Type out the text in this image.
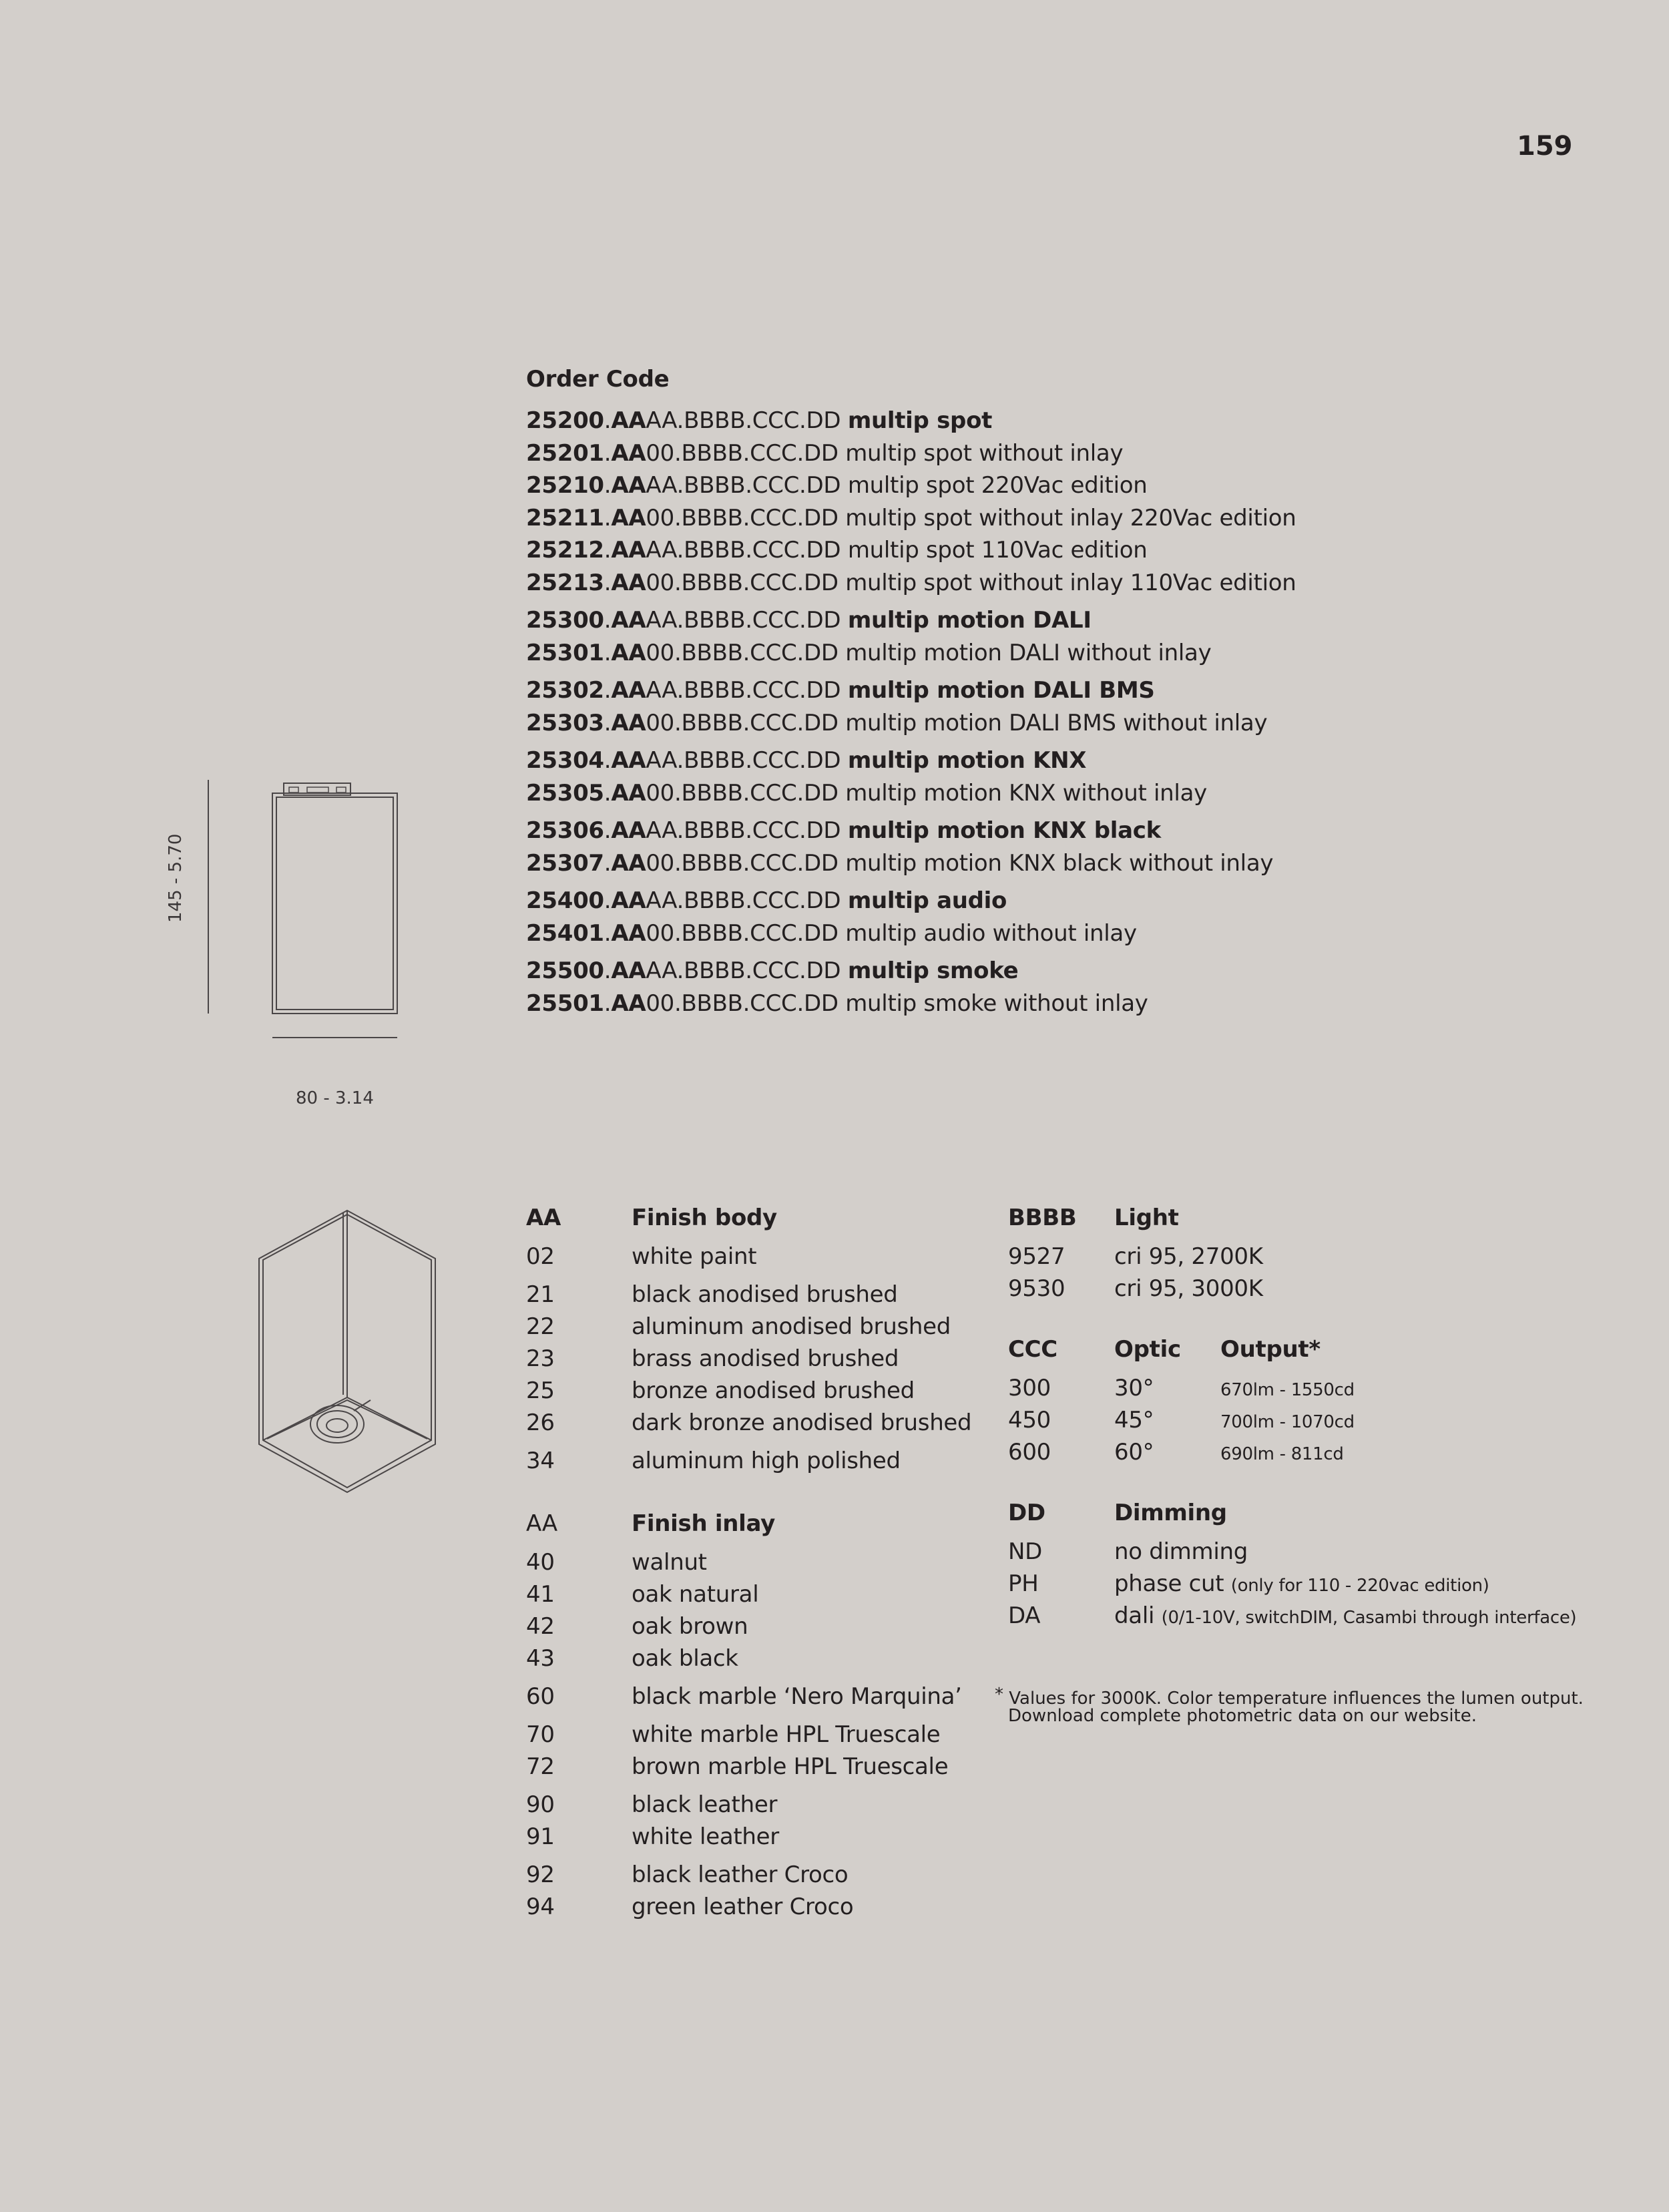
159
Order Code
25200.AAAA.BBBB.CCC.DD multip spot
25201.AA00.BBBB.CCC.DD multip spot without inlay
25210.AAAA.BBBB.CCC.DD multip spot 220Vac edition
25211.AA00.BBBB.CCC.DD multip spot without inlay 220Vac edition
25212.AAAA.BBBB.CCC.DD multip spot 110Vac edition
25213.AA00.BBBB.CCC.DD multip spot without inlay 110Vac edition
25300.AAAA.BBBB.CCC.DD multip motion DALI
25301.AA00.BBBB.CCC.DD multip motion DALI without inlay
25302.AAAA.BBBB.CCC.DD multip motion DALI BMS
25303.AA00.BBBB.CCC.DD multip motion DALI BMS without inlay
25304.AAAA.BBBB.CCC.DD multip motion KNX
25305.AA00.BBBB.CCC.DD multip motion KNX without inlay
25306.AAAA.BBBB.CCC.DD multip motion KNX black
25307.AA00.BBBB.CCC.DD multip motion KNX black without inlay
25400.AAAA.BBBB.CCC.DD multip audio
25401.AA00.BBBB.CCC.DD multip audio without inlay
25500.AAAA.BBBB.CCC.DD multip smoke
25501.AA00.BBBB.CCC.DD multip smoke without inlay
145 - 5.70
80 - 3.14
AA	Finish body
02	white paint
21	black anodised brushed
22	aluminum anodised brushed
23	brass anodised brushed
25	bronze anodised brushed
26	dark bronze anodised brushed
34	aluminum high polished
AA	Finish inlay
40	walnut
41	oak natural
42	oak brown
43	oak black
60	black marble ‘Nero Marquina’
70	white marble HPL Truescale
72	brown marble HPL Truescale
90	black leather
91	white leather
92	black leather Croco
94	green leather Croco
BBBB Light
9527 cri 95, 2700K
9530 cri 95, 3000K
CCC	Optic Output*
300	30°	670lm - 1550cd
450	45°	700lm - 1070cd
600	60°	690lm - 811cd
DD	Dimming
ND	no dimming
PH	phase cut (only for 110 - 220vac edition)
DA	dali (0/1-10V, switchDIM, Casambi through interface)
* Values for 3000K. Color temperature influences the lumen output.
Download complete photometric data on our website.
